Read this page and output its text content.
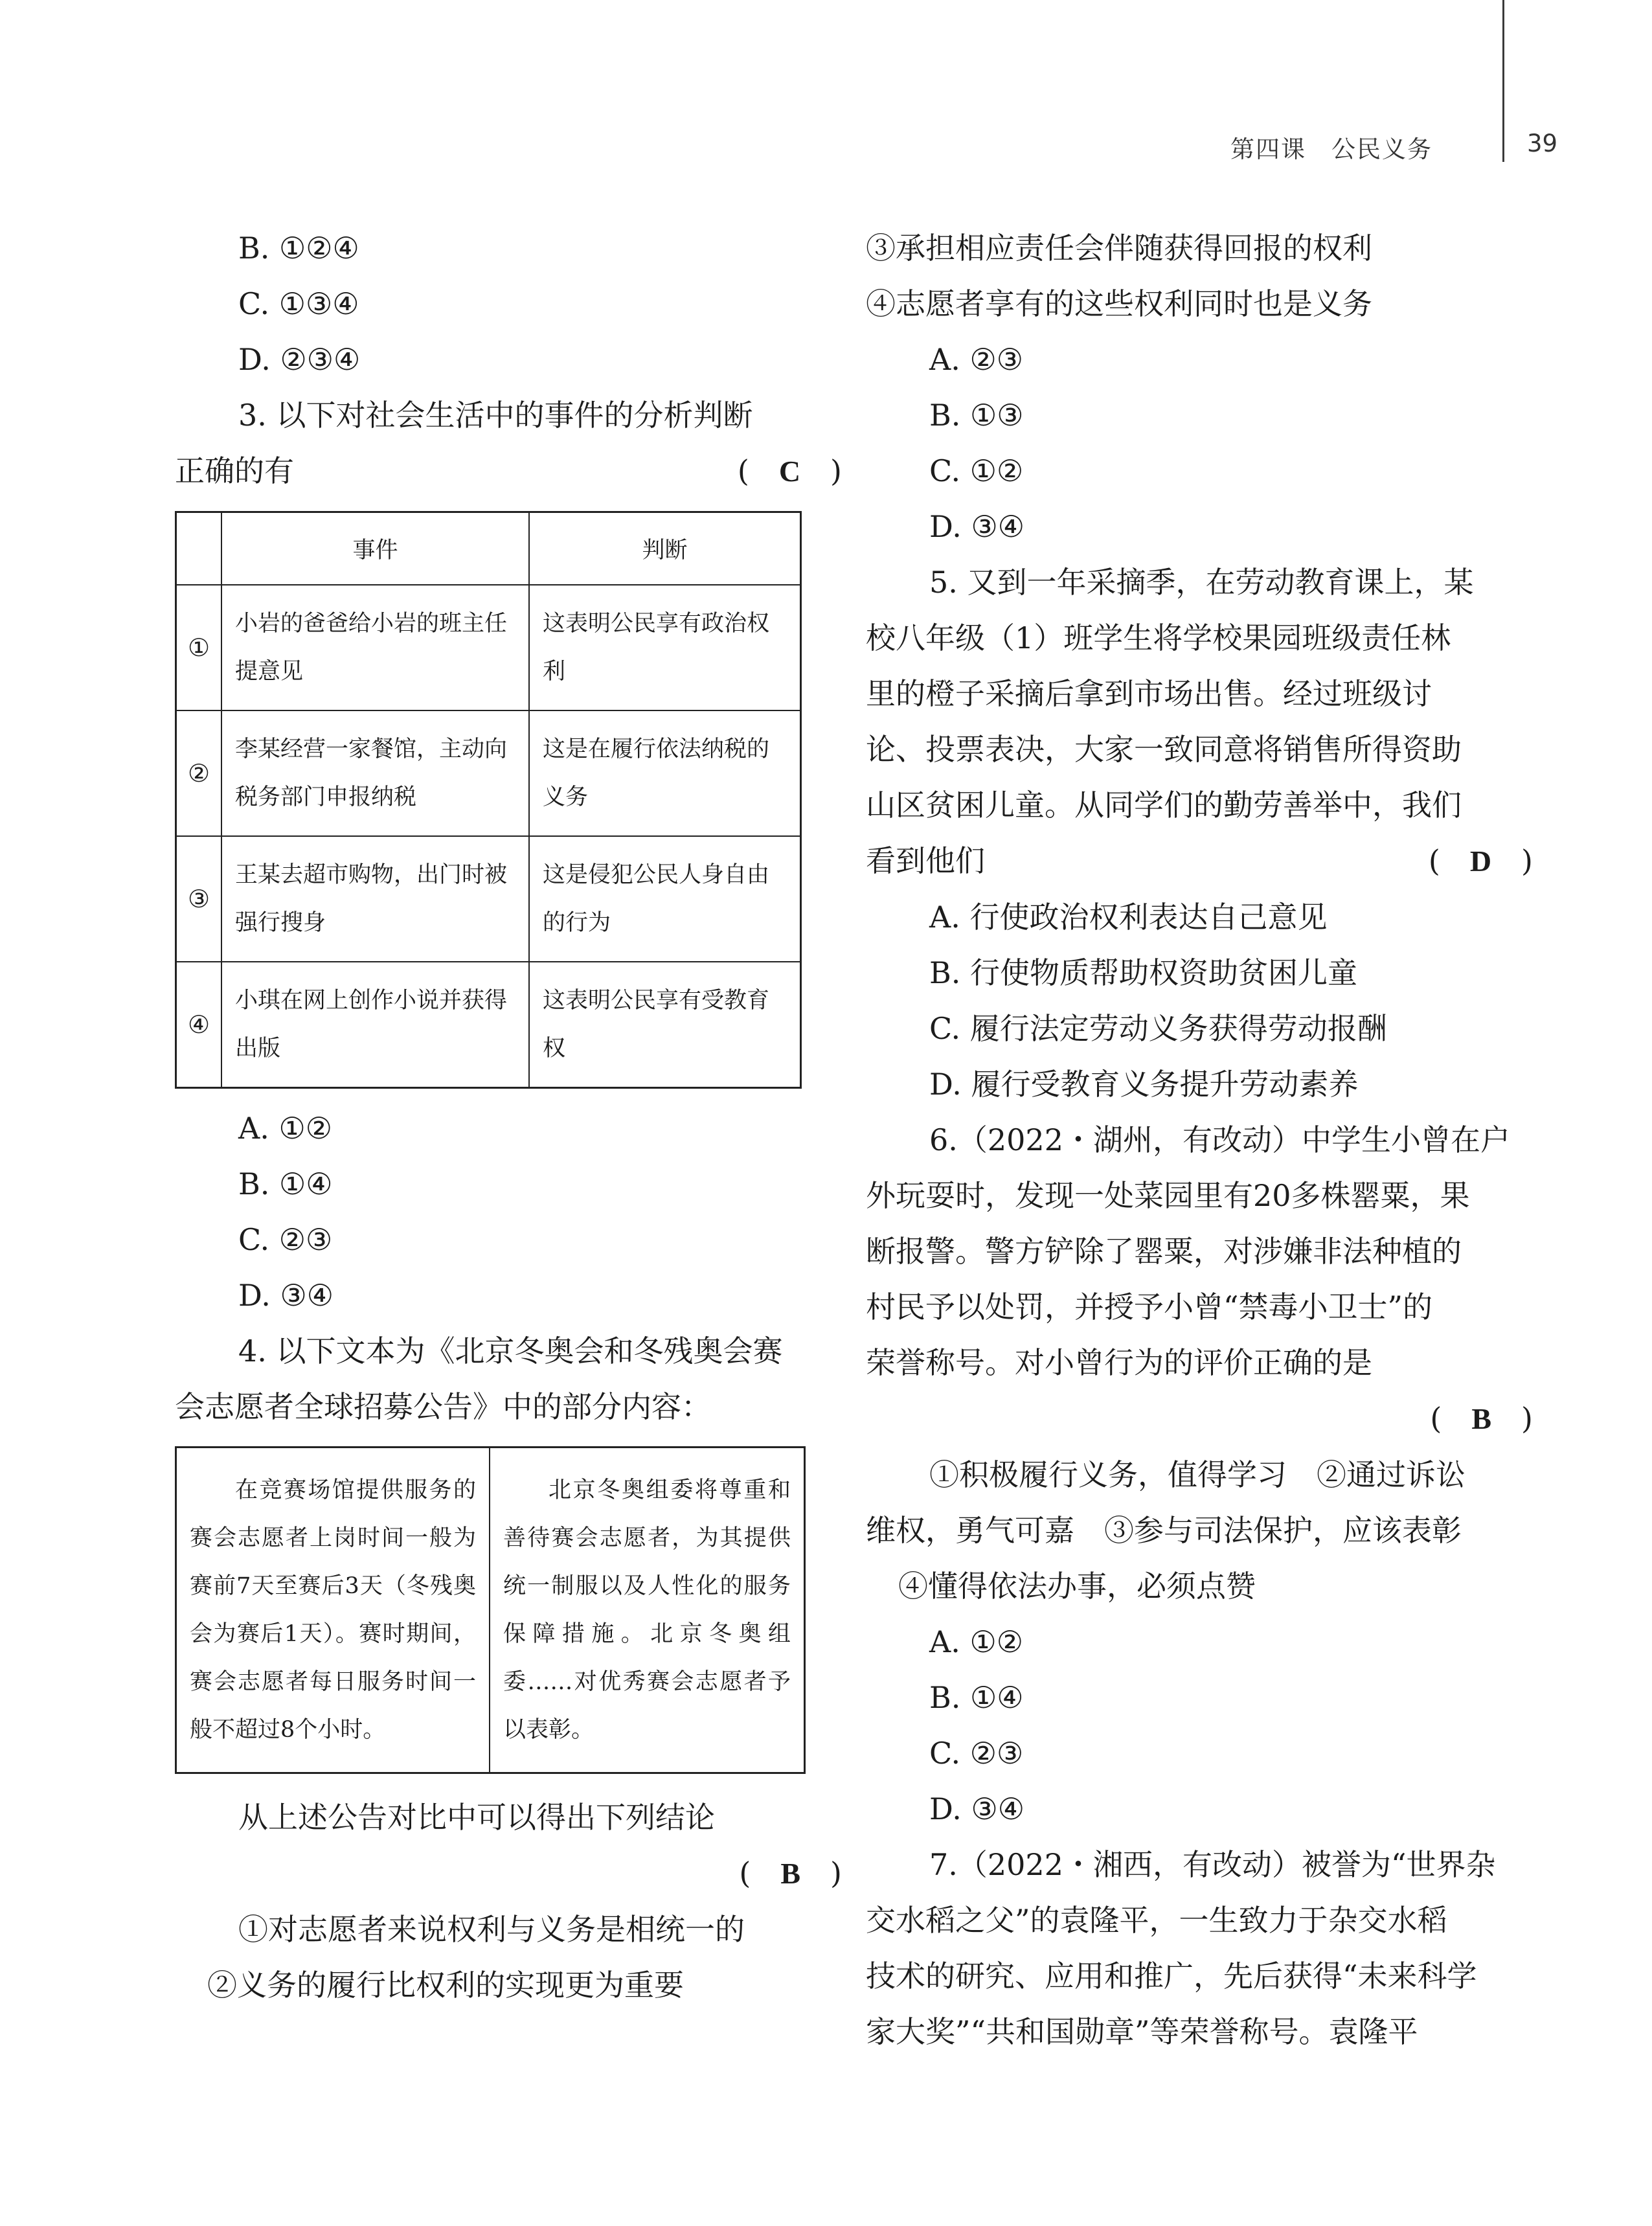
第四课　公民义务	39

B. ①②④

C. ①③④

D. ②③④

3. 以下对社会生活中的事件的分析判断

正确的有	(　C　)
	事件	判断
①	小岩的爸爸给小岩的班主任提意见	这表明公民享有政治权利
②	李某经营一家餐馆，主动向税务部门申报纳税	这是在履行依法纳税的义务
③	王某去超市购物，出门时被强行搜身	这是侵犯公民人身自由的行为
④	小琪在网上创作小说并获得出版	这表明公民享有受教育权

A. ①②

B. ①④

C. ②③

D. ③④

4. 以下文本为《北京冬奥会和冬残奥会赛

会志愿者全球招募公告》中的部分内容：

在竞赛场馆提供服务的赛会志愿者上岗时间一般为赛前7天至赛后3天（冬残奥会为赛后1天）。赛时期间，赛会志愿者每日服务时间一般不超过8个小时。
北京冬奥组委将尊重和善待赛会志愿者，为其提供统一制服以及人性化的服务保障措施。北京冬奥组委……对优秀赛会志愿者予以表彰。

从上述公告对比中可以得出下列结论

(　B　)

①对志愿者来说权利与义务是相统一的

②义务的履行比权利的实现更为重要

③承担相应责任会伴随获得回报的权利

④志愿者享有的这些权利同时也是义务

A. ②③

B. ①③

C. ①②

D. ③④

5. 又到一年采摘季，在劳动教育课上，某

校八年级（1）班学生将学校果园班级责任林

里的橙子采摘后拿到市场出售。经过班级讨

论、投票表决，大家一致同意将销售所得资助

山区贫困儿童。从同学们的勤劳善举中，我们

看到他们	(　D　)

A. 行使政治权利表达自己意见

B. 行使物质帮助权资助贫困儿童

C. 履行法定劳动义务获得劳动报酬

D. 履行受教育义务提升劳动素养

6.（2022・湖州，有改动）中学生小曾在户

外玩耍时，发现一处菜园里有20多株罂粟，果

断报警。警方铲除了罂粟，对涉嫌非法种植的

村民予以处罚，并授予小曾“禁毒小卫士”的

荣誉称号。对小曾行为的评价正确的是

(　B　)

①积极履行义务，值得学习　②通过诉讼

维权，勇气可嘉　③参与司法保护，应该表彰

④懂得依法办事，必须点赞

A. ①②

B. ①④

C. ②③

D. ③④

7.（2022・湘西，有改动）被誉为“世界杂

交水稻之父”的袁隆平，一生致力于杂交水稻

技术的研究、应用和推广，先后获得“未来科学

家大奖”“共和国勋章”等荣誉称号。袁隆平
